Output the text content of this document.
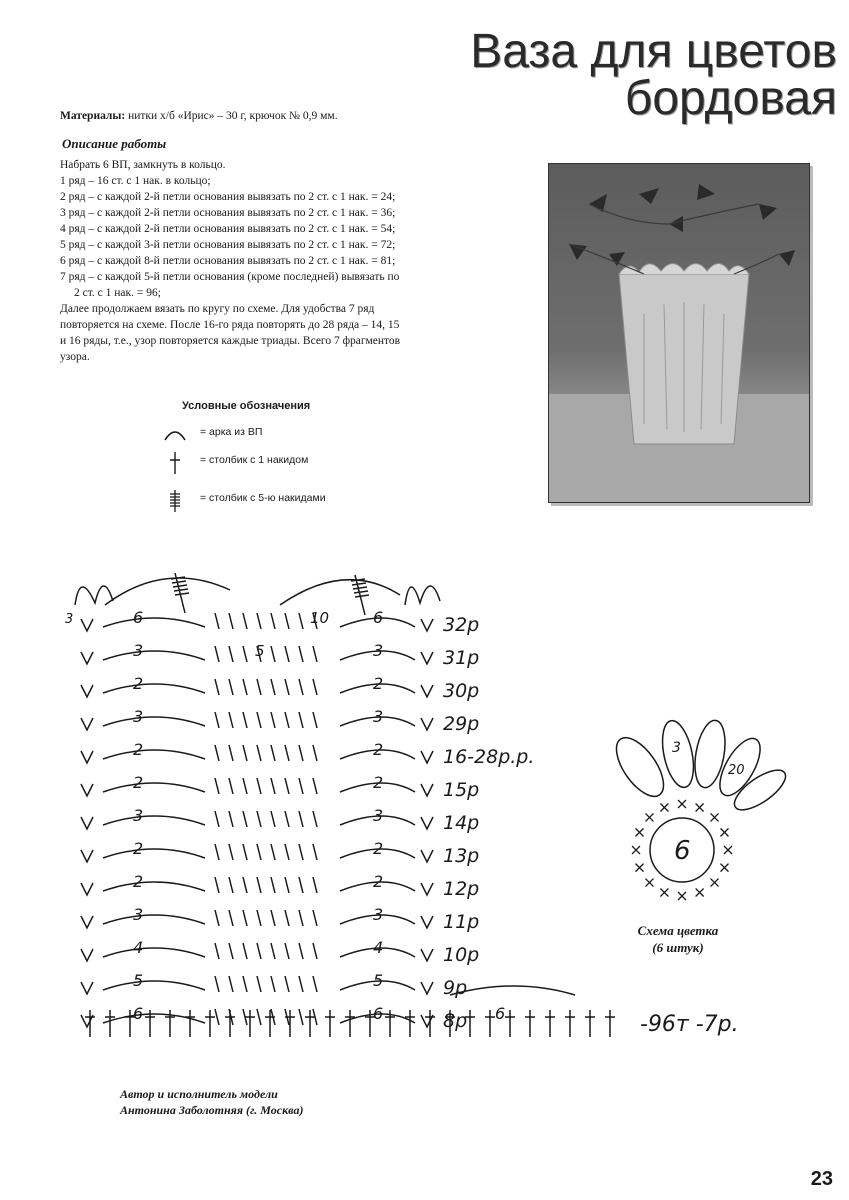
Ваза для цветов
бордовая
Материалы: нитки х/б «Ирис» – 30 г, крючок № 0,9 мм.
Описание работы
Набрать 6 ВП, замкнуть в кольцо.
1 ряд – 16 ст. с 1 нак. в кольцо;
2 ряд – с каждой 2-й петли основания вывязать по 2 ст. с 1 нак. = 24;
3 ряд – с каждой 2-й петли основания вывязать по 2 ст. с 1 нак. = 36;
4 ряд – с каждой 2-й петли основания вывязать по 2 ст. с 1 нак. = 54;
5 ряд – с каждой 3-й петли основания вывязать по 2 ст. с 1 нак. = 72;
6 ряд – с каждой 8-й петли основания вывязать по 2 ст. с 1 нак. = 81;
7 ряд – с каждой 5-й петли основания (кроме последней) вывязать по
2 ст. с 1 нак. = 96;
Далее продолжаем вязать по кругу по схеме. Для удобства 7 ряд
повторяется на схеме. После 16-го ряда повторять до 28 ряда – 14, 15
и 16 ряды, т.е., узор повторяется каждые триады. Всего 7 фрагментов
узора.
Условные обозначения
= арка из ВП
= столбик с 1 накидом
= столбик с 5-ю накидами
32р
6	6
10
3
31р
3	3
5
30р
2	2
29р
3	3
16-28р.р.
2	2
15р
2	2
14р
3	3
13р
2	2
12р
2	2
11р
3	3
10р
4	4
9р
5	5
8р
6	6	6	-96т -7р.
6
3
20
Схема цветка
(6 штук)
Автор и исполнитель модели
Антонина Заболотняя (г. Москва)
23
